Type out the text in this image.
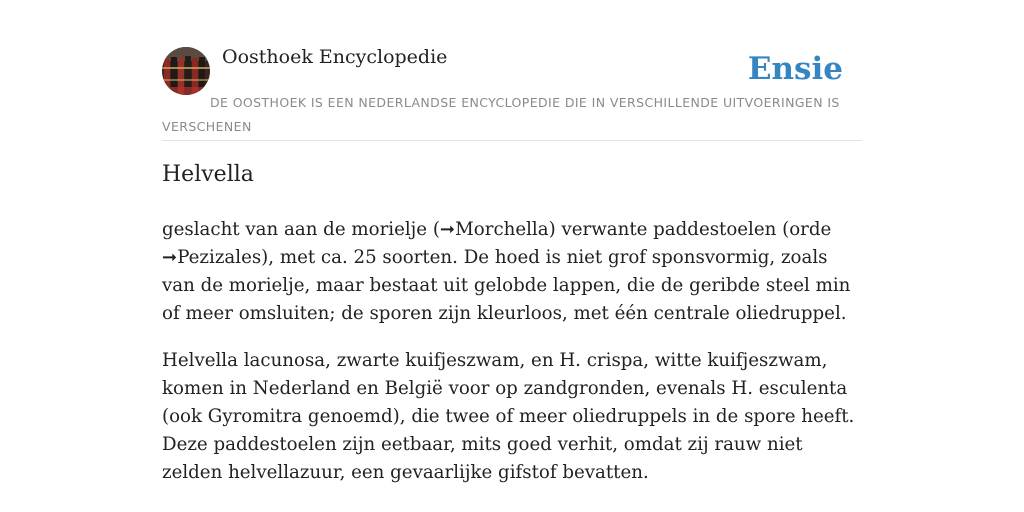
Oosthoek Encyclopedie	Ensie

DE OOSTHOEK IS EEN NEDERLANDSE ENCYCLOPEDIE DIE IN VERSCHILLENDE UITVOERINGEN IS VERSCHENEN

Helvella

geslacht van aan de morielje (➞Morchella) verwante paddestoelen (orde ➞Pezizales), met ca. 25 soorten. De hoed is niet grof sponsvormig, zoals van de morielje, maar bestaat uit gelobde lappen, die de geribde steel min of meer omsluiten; de sporen zijn kleurloos, met één centrale oliedruppel.

Helvella lacunosa, zwarte kuifjeszwam, en H. crispa, witte kuifjeszwam, komen in Nederland en België voor op zandgronden, evenals H. esculenta (ook Gyromitra genoemd), die twee of meer oliedruppels in de spore heeft. Deze paddestoelen zijn eetbaar, mits goed verhit, omdat zij rauw niet zelden helvellazuur, een gevaarlijke gifstof bevatten.
